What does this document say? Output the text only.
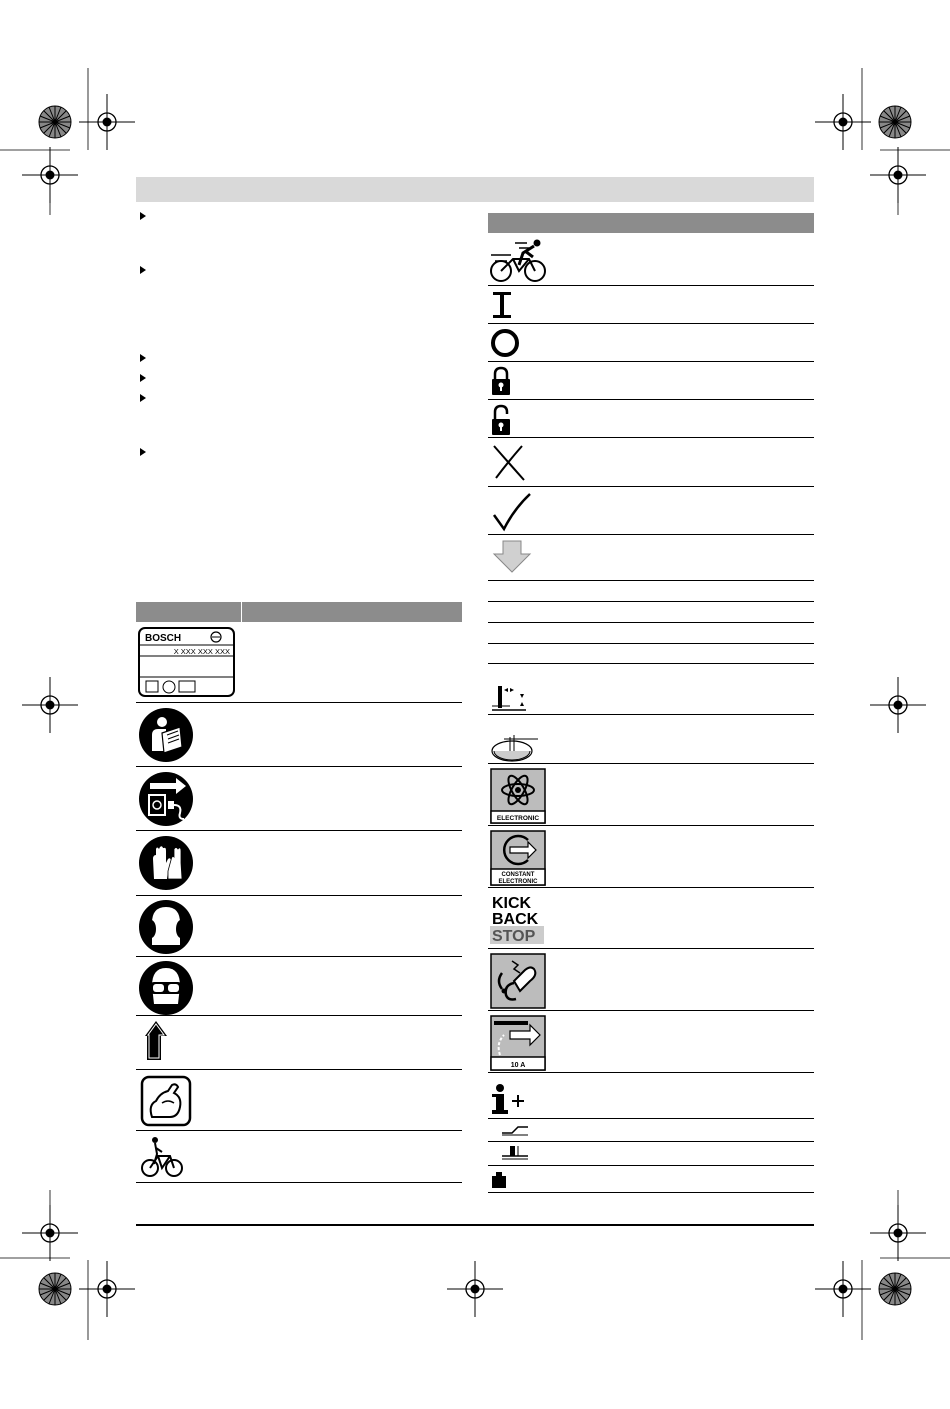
BOSCH
X XXX XXX XXX
ELECTRONIC
CONSTANT
ELECTRONIC
KICK
BACK
STOP
10 A
